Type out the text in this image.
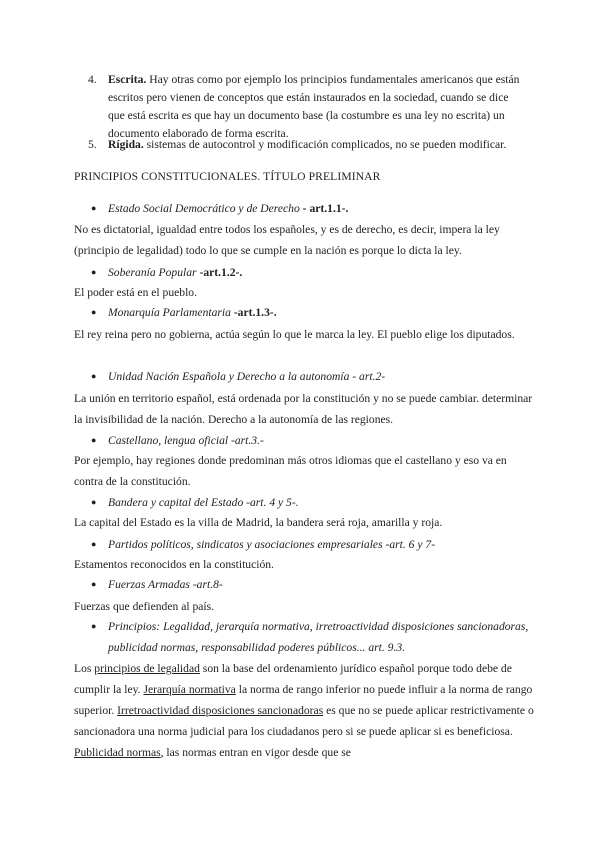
4. Escrita. Hay otras como por ejemplo los principios fundamentales americanos que están escritos pero vienen de conceptos que están instaurados en la sociedad, cuando se dice que está escrita es que hay un documento base (la costumbre es una ley no escrita) un documento elaborado de forma escrita.
5. Rígida. sistemas de autocontrol y modificación complicados, no se pueden modificar.
PRINCIPIOS CONSTITUCIONALES. TÍTULO PRELIMINAR
● Estado Social Democrático y de Derecho - art.1.1-.
No es dictatorial, igualdad entre todos los españoles, y es de derecho, es decir, impera la ley (principio de legalidad) todo lo que se cumple en la nación es porque lo dicta la ley.
● Soberanía Popular -art.1.2-.
El poder está en el pueblo.
● Monarquía Parlamentaria -art.1.3-.
El rey reina pero no gobierna, actúa según lo que le marca la ley. El pueblo elige los diputados.
● Unidad Nación Española y Derecho a la autonomía - art.2-
La unión en territorio español, está ordenada por la constitución y no se puede cambiar. determinar la invisibilidad de la nación. Derecho a la autonomía de las regiones.
● Castellano, lengua oficial -art.3.-
Por ejemplo, hay regiones donde predominan más otros idiomas que el castellano y eso va en contra de la constitución.
● Bandera y capital del Estado -art. 4 y 5-.
La capital del Estado es la villa de Madrid, la bandera será roja, amarilla y roja.
● Partidos políticos, sindicatos y asociaciones empresariales -art. 6 y 7-
Estamentos reconocidos en la constitución.
● Fuerzas Armadas -art.8-
Fuerzas que defienden al país.
● Principios: Legalidad, jerarquía normativa, irretroactividad disposiciones sancionadoras, publicidad normas, responsabilidad poderes públicos... art. 9.3.
Los principios de legalidad son la base del ordenamiento jurídico español porque todo debe de cumplir la ley. Jerarquía normativa la norma de rango inferior no puede influir a la norma de rango superior. Irretroactividad disposiciones sancionadoras es que no se puede aplicar restrictivamente o sancionadora una norma judicial para los ciudadanos pero si se puede aplicar si es beneficiosa. Publicidad normas, las normas entran en vigor desde que se
